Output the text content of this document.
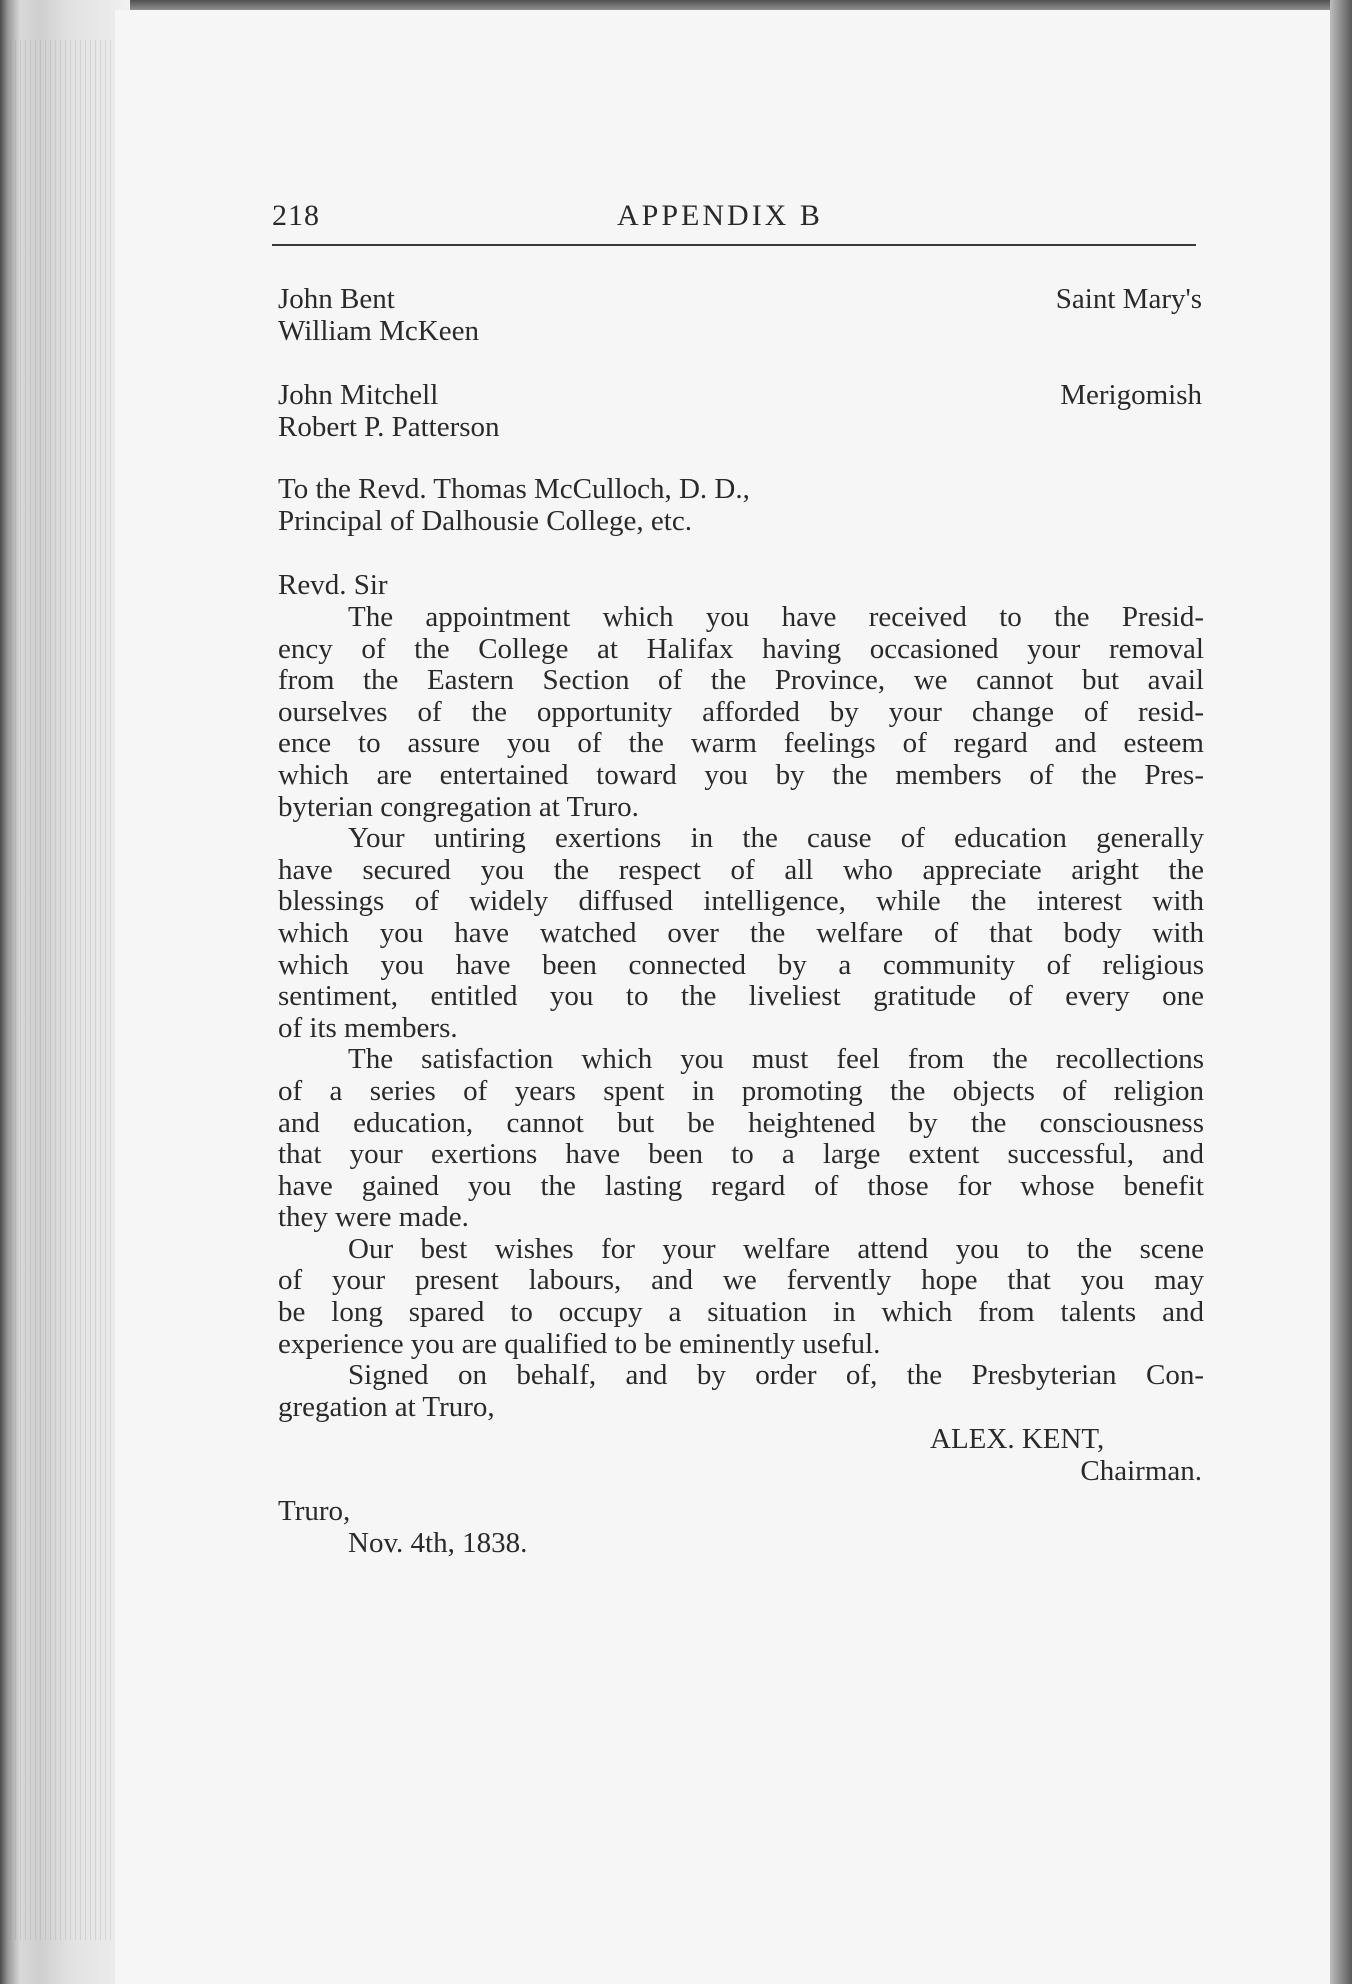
218	APPENDIX B
John Bent
William McKeen
Saint Mary's
John Mitchell
Robert P. Patterson
Merigomish
To the Revd. Thomas McCulloch, D. D.,
Principal of Dalhousie College, etc.
Revd. Sir
The appointment which you have received to the Presid-
ency of the College at Halifax having occasioned your removal
from the Eastern Section of the Province, we cannot but avail
ourselves of the opportunity afforded by your change of resid-
ence to assure you of the warm feelings of regard and esteem
which are entertained toward you by the members of the Pres-
byterian congregation at Truro.
Your untiring exertions in the cause of education generally
have secured you the respect of all who appreciate aright the
blessings of widely diffused intelligence, while the interest with
which you have watched over the welfare of that body with
which you have been connected by a community of religious
sentiment, entitled you to the liveliest gratitude of every one
of its members.
The satisfaction which you must feel from the recollections
of a series of years spent in promoting the objects of religion
and education, cannot but be heightened by the consciousness
that your exertions have been to a large extent successful, and
have gained you the lasting regard of those for whose benefit
they were made.
Our best wishes for your welfare attend you to the scene
of your present labours, and we fervently hope that you may
be long spared to occupy a situation in which from talents and
experience you are qualified to be eminently useful.
Signed on behalf, and by order of, the Presbyterian Con-
gregation at Truro,
ALEX. KENT,
Chairman.
Truro,
Nov. 4th, 1838.
